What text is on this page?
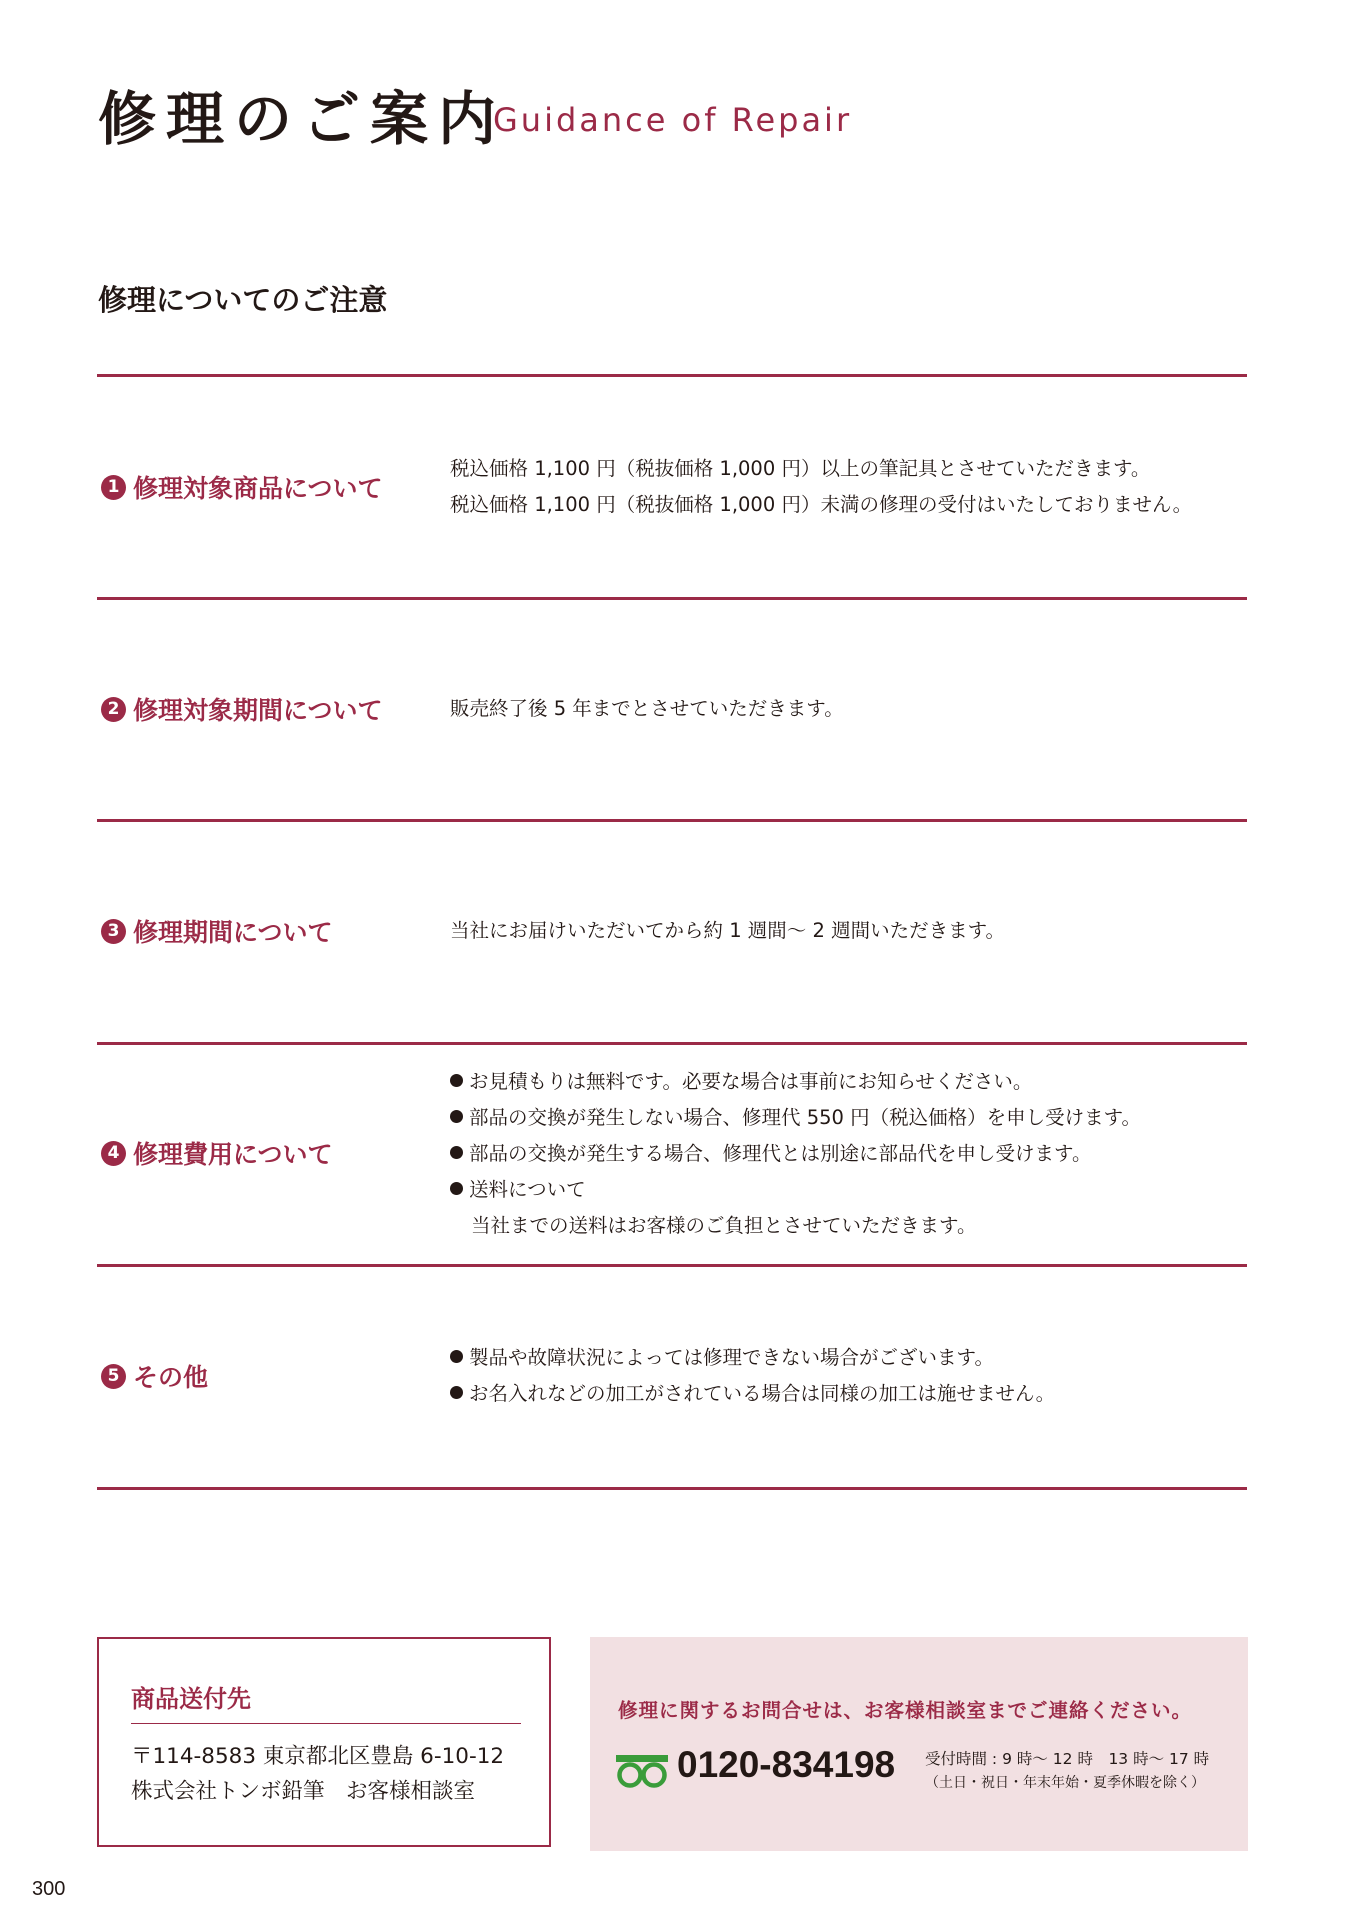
修理のご案内
Guidance of Repair
修理についてのご注意
1 修理対象商品について
税込価格 1,100 円（税抜価格 1,000 円）以上の筆記具とさせていただきます。
税込価格 1,100 円（税抜価格 1,000 円）未満の修理の受付はいたしておりません。
2 修理対象期間について	販売終了後 5 年までとさせていただきます。
3 修理期間について	当社にお届けいただいてから約 1 週間〜 2 週間いただきます。
4 修理費用について
お見積もりは無料です。必要な場合は事前にお知らせください。
部品の交換が発生しない場合、修理代 550 円（税込価格）を申し受けます。
部品の交換が発生する場合、修理代とは別途に部品代を申し受けます。
送料について
当社までの送料はお客様のご負担とさせていただきます。
5 その他
製品や故障状況によっては修理できない場合がございます。
お名入れなどの加工がされている場合は同様の加工は施せません。
商品送付先
〒114-8583 東京都北区豊島 6-10-12
株式会社トンボ鉛筆　お客様相談室
修理に関するお問合せは、お客様相談室までご連絡ください。
0120-834198 受付時間 : 9 時〜 12 時　13 時〜 17 時
（土日・祝日・年末年始・夏季休暇を除く）
300
